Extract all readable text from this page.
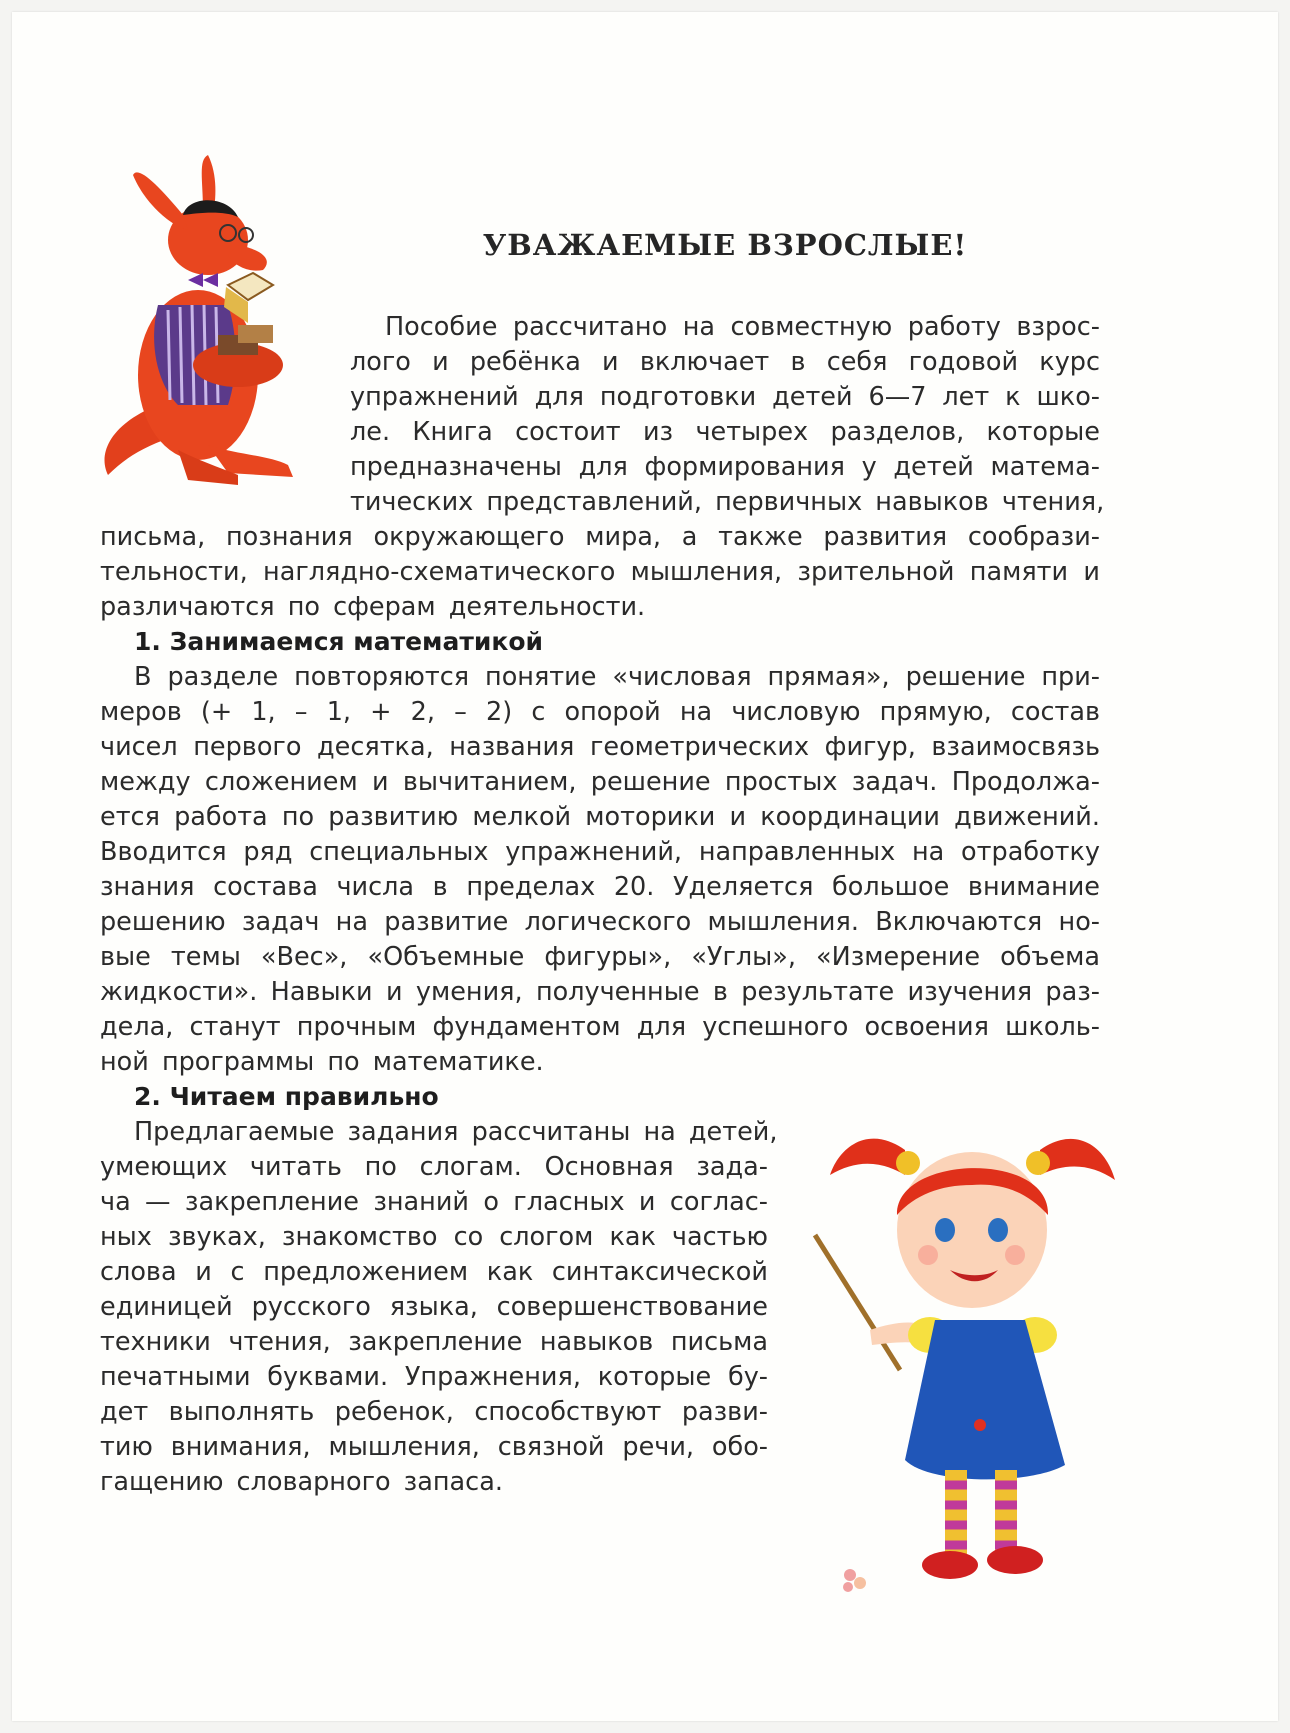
УВАЖАЕМЫЕ ВЗРОСЛЫЕ!
Пособие рассчитано на совместную работу взрос-
лого и ребёнка и включает в себя годовой курс
упражнений для подготовки детей 6—7 лет к шко-
ле. Книга состоит из четырех разделов, которые
предназначены для формирования у детей матема-
тических представлений, первичных навыков чтения,
письма, познания окружающего мира, а также развития сообрази-
тельности, наглядно-схематического мышления, зрительной памяти и
различаются по сферам деятельности.
1. Занимаемся математикой
В разделе повторяются понятие «числовая прямая», решение при-
меров (+ 1, – 1, + 2, – 2) с опорой на числовую прямую, состав
чисел первого десятка, названия геометрических фигур, взаимосвязь
между сложением и вычитанием, решение простых задач. Продолжа-
ется работа по развитию мелкой моторики и координации движений.
Вводится ряд специальных упражнений, направленных на отработку
знания состава числа в пределах 20. Уделяется большое внимание
решению задач на развитие логического мышления. Включаются но-
вые темы «Вес», «Объемные фигуры», «Углы», «Измерение объема
жидкости». Навыки и умения, полученные в результате изучения раз-
дела, станут прочным фундаментом для успешного освоения школь-
ной программы по математике.
2. Читаем правильно
Предлагаемые задания рассчитаны на детей,
умеющих читать по слогам. Основная зада-
ча — закрепление знаний о гласных и соглас-
ных звуках, знакомство со слогом как частью
слова и с предложением как синтаксической
единицей русского языка, совершенствование
техники чтения, закрепление навыков письма
печатными буквами. Упражнения, которые бу-
дет выполнять ребенок, способствуют разви-
тию внимания, мышления, связной речи, обо-
гащению словарного запаса.
